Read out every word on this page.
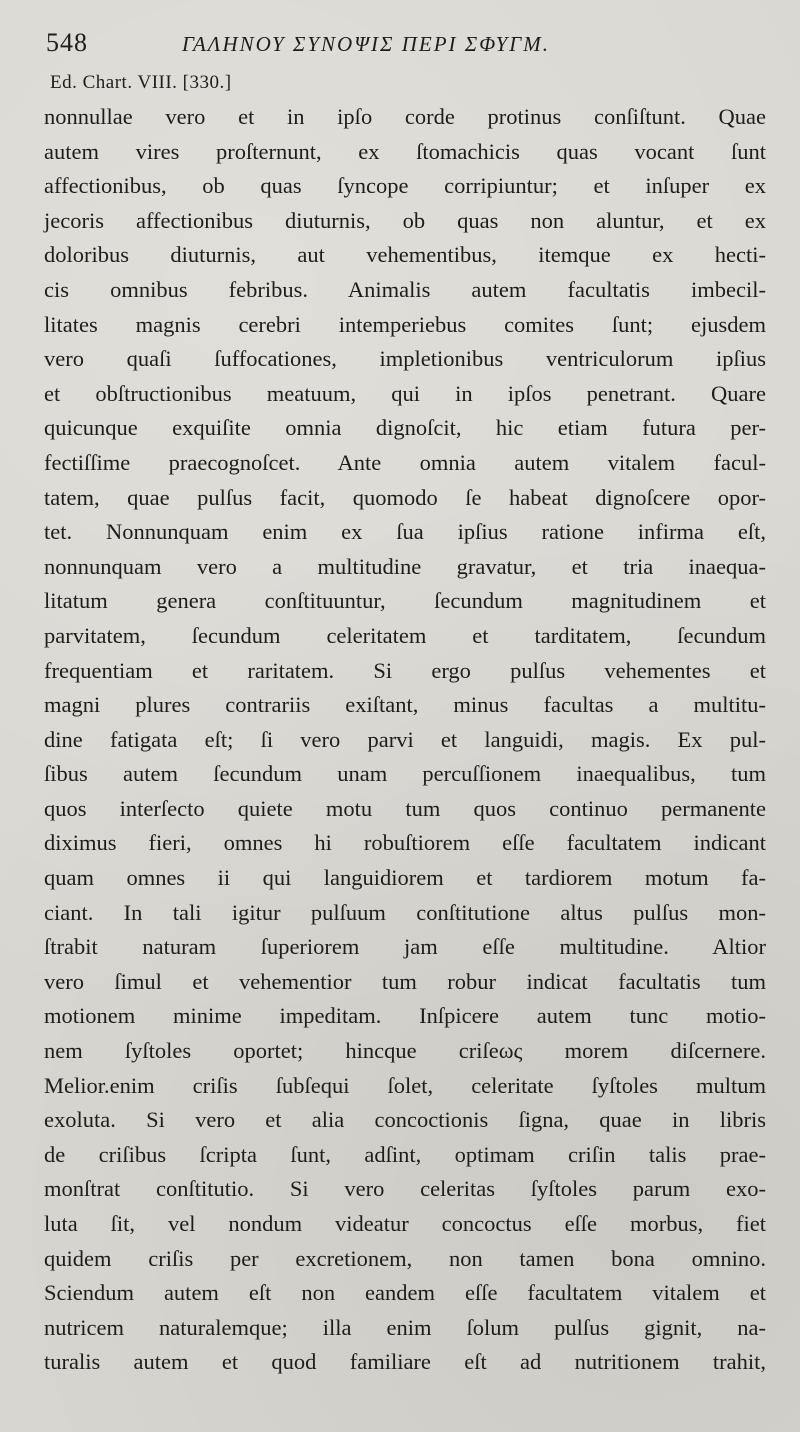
548	ΓΑΛΗΝΟΥ ΣΥΝΟΨΙΣ ΠΕΡΙ ΣΦΥΓΜ.
Ed. Chart. VIII. [330.]
nonnullae vero et in ipſo corde protinus conſiſtunt. Quae
autem vires proſternunt, ex ſtomachicis quas vocant ſunt
affectionibus, ob quas ſyncope corripiuntur; et inſuper ex
jecoris affectionibus diuturnis, ob quas non aluntur, et ex
doloribus diuturnis, aut vehementibus, itemque ex hecti-
cis omnibus febribus. Animalis autem facultatis imbecil-
litates magnis cerebri intemperiebus comites ſunt; ejusdem
vero quaſi ſuffocationes, impletionibus ventriculorum ipſius
et obſtructionibus meatuum, qui in ipſos penetrant. Quare
quicunque exquiſite omnia dignoſcit, hic etiam futura per-
fectiſſime praecognoſcet. Ante omnia autem vitalem facul-
tatem, quae pulſus facit, quomodo ſe habeat dignoſcere opor-
tet. Nonnunquam enim ex ſua ipſius ratione infirma eſt,
nonnunquam vero a multitudine gravatur, et tria inaequa-
litatum genera conſtituuntur, ſecundum magnitudinem et
parvitatem, ſecundum celeritatem et tarditatem, ſecundum
frequentiam et raritatem. Si ergo pulſus vehementes et
magni plures contrariis exiſtant, minus facultas a multitu-
dine fatigata eſt; ſi vero parvi et languidi, magis. Ex pul-
ſibus autem ſecundum unam percuſſionem inaequalibus, tum
quos interſecto quiete motu tum quos continuo permanente
diximus fieri, omnes hi robuſtiorem eſſe facultatem indicant
quam omnes ii qui languidiorem et tardiorem motum fa-
ciant. In tali igitur pulſuum conſtitutione altus pulſus mon-
ſtrabit naturam ſuperiorem jam eſſe multitudine. Altior
vero ſimul et vehementior tum robur indicat facultatis tum
motionem minime impeditam. Inſpicere autem tunc motio-
nem ſyſtoles oportet; hincque criſeως morem diſcernere.
Melior.enim criſis ſubſequi ſolet, celeritate ſyſtoles multum
exoluta. Si vero et alia concoctionis ſigna, quae in libris
de criſibus ſcripta ſunt, adſint, optimam criſin talis prae-
monſtrat conſtitutio. Si vero celeritas ſyſtoles parum exo-
luta ſit, vel nondum videatur concoctus eſſe morbus, fiet
quidem criſis per excretionem, non tamen bona omnino.
Sciendum autem eſt non eandem eſſe facultatem vitalem et
nutricem naturalemque; illa enim ſolum pulſus gignit, na-
turalis autem et quod familiare eſt ad nutritionem trahit,
